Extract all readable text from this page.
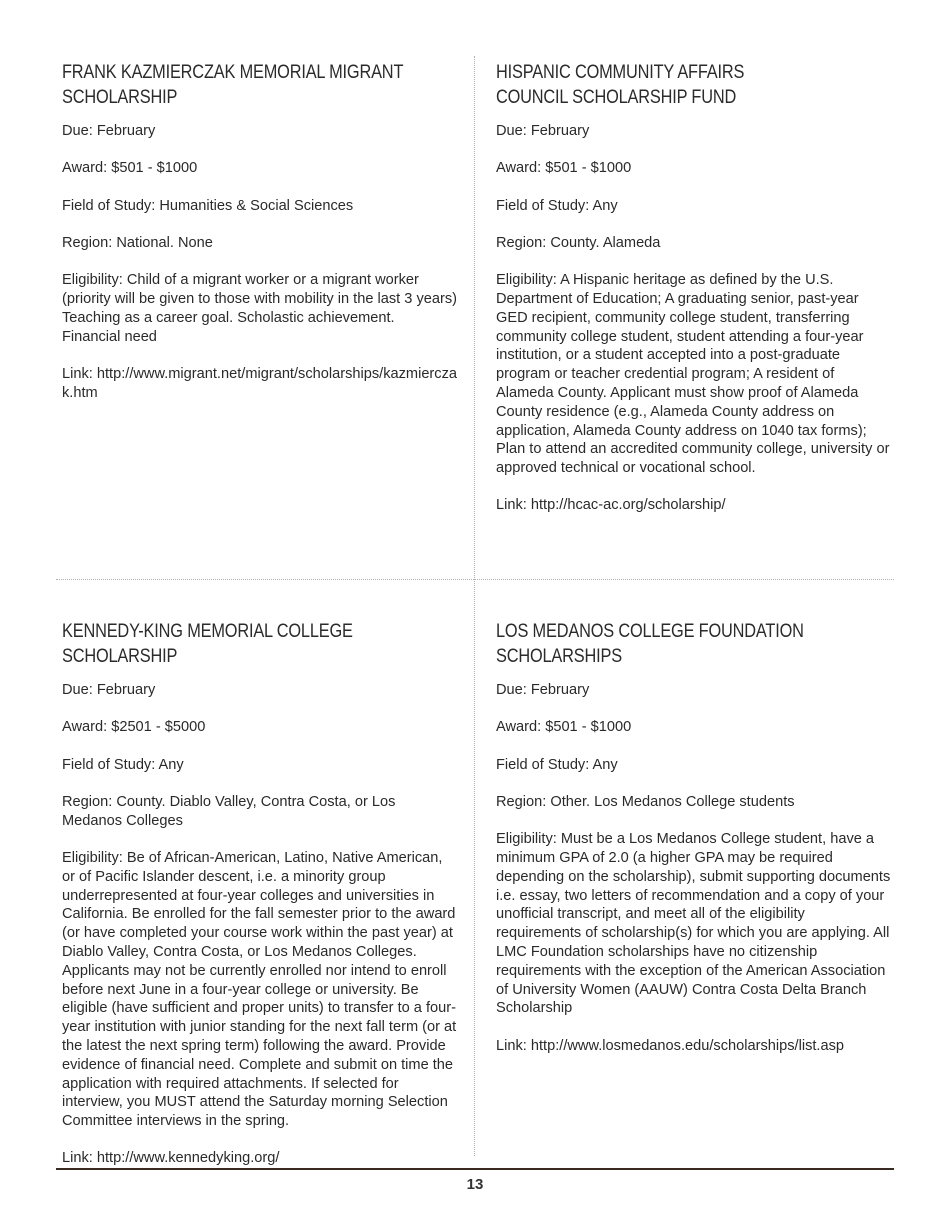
FRANK KAZMIERCZAK MEMORIAL MIGRANT SCHOLARSHIP

Due: February

Award: $501 - $1000

Field of Study: Humanities & Social Sciences

Region: National. None

Eligibility: Child of a migrant worker or a migrant worker (priority will be given to those with mobility in the last 3 years) Teaching as a career goal. Scholastic achievement. Financial need

Link: http://www.migrant.net/migrant/scholarships/kazmierczak.htm

HISPANIC COMMUNITY AFFAIRS COUNCIL SCHOLARSHIP FUND

Due: February

Award: $501 - $1000

Field of Study: Any

Region: County. Alameda

Eligibility: A Hispanic heritage as defined by the U.S. Department of Education; A graduating senior, past-year GED recipient, community college student, transferring community college student, student attending a four-year institution, or a student accepted into a post-graduate program or teacher credential program; A resident of Alameda County. Applicant must show proof of Alameda County residence (e.g., Alameda County address on application, Alameda County address on 1040 tax forms); Plan to attend an accredited community college, university or approved technical or vocational school.

Link: http://hcac-ac.org/scholarship/

KENNEDY-KING MEMORIAL COLLEGE SCHOLARSHIP

Due: February

Award: $2501 - $5000

Field of Study: Any

Region: County. Diablo Valley, Contra Costa, or Los Medanos Colleges

Eligibility: Be of African-American, Latino, Native American, or of Pacific Islander descent, i.e. a minority group underrepresented at four-year colleges and universities in California. Be enrolled for the fall semester prior to the award (or have completed your course work within the past year) at Diablo Valley, Contra Costa, or Los Medanos Colleges. Applicants may not be currently enrolled nor intend to enroll before next June in a four-year college or university. Be eligible (have sufficient and proper units) to transfer to a four-year institution with junior standing for the next fall term (or at the latest the next spring term) following the award. Provide evidence of financial need. Complete and submit on time the application with required attachments. If selected for interview, you MUST attend the Saturday morning Selection Committee interviews in the spring.

Link: http://www.kennedyking.org/

LOS MEDANOS COLLEGE FOUNDATION SCHOLARSHIPS

Due: February

Award: $501 - $1000

Field of Study: Any

Region: Other. Los Medanos College students

Eligibility: Must be a Los Medanos College student, have a minimum GPA of 2.0 (a higher GPA may be required depending on the scholarship), submit supporting documents i.e. essay, two letters of recommendation and a copy of your unofficial transcript, and meet all of the eligibility requirements of scholarship(s) for which you are applying. All LMC Foundation scholarships have no citizenship requirements with the exception of the American Association of University Women (AAUW) Contra Costa Delta Branch Scholarship

Link: http://www.losmedanos.edu/scholarships/list.asp

13
